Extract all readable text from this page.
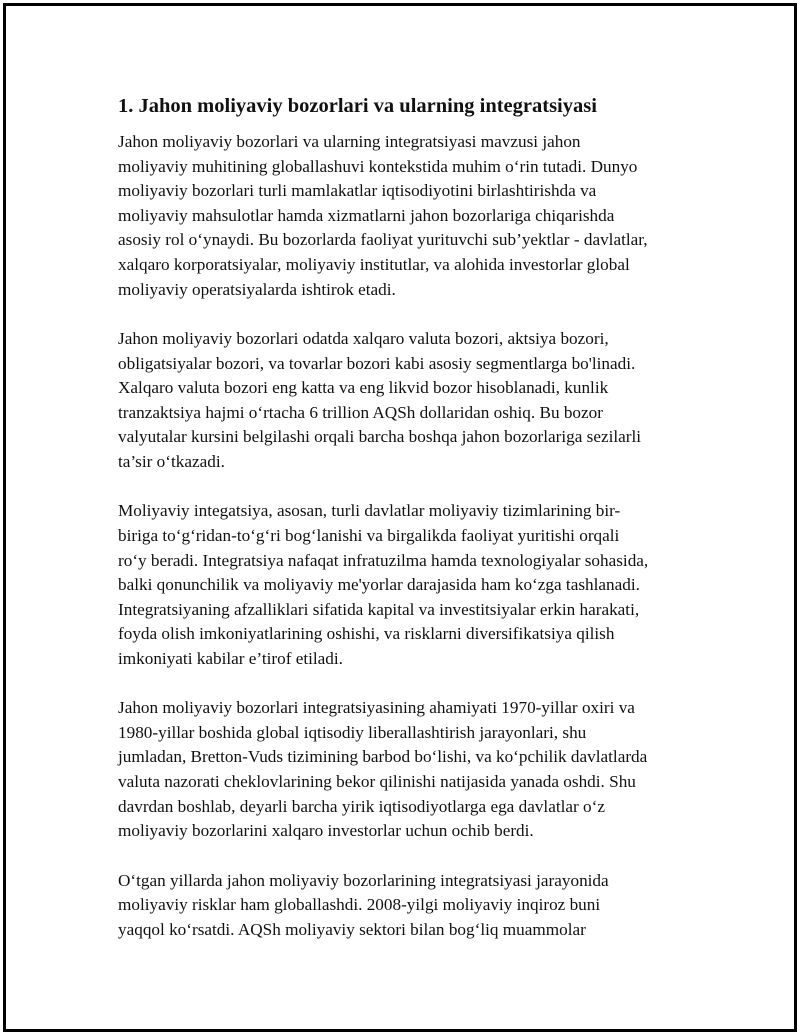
1. Jahon moliyaviy bozorlari va ularning integratsiyasi
Jahon moliyaviy bozorlari va ularning integratsiyasi mavzusi jahon
moliyaviy muhitining globallashuvi kontekstida muhim o‘rin tutadi. Dunyo
moliyaviy bozorlari turli mamlakatlar iqtisodiyotini birlashtirishda va
moliyaviy mahsulotlar hamda xizmatlarni jahon bozorlariga chiqarishda
asosiy rol o‘ynaydi. Bu bozorlarda faoliyat yurituvchi sub’yektlar - davlatlar,
xalqaro korporatsiyalar, moliyaviy institutlar, va alohida investorlar global
moliyaviy operatsiyalarda ishtirok etadi.
Jahon moliyaviy bozorlari odatda xalqaro valuta bozori, aktsiya bozori,
obligatsiyalar bozori, va tovarlar bozori kabi asosiy segmentlarga bo'linadi.
Xalqaro valuta bozori eng katta va eng likvid bozor hisoblanadi, kunlik
tranzaktsiya hajmi o‘rtacha 6 trillion AQSh dollaridan oshiq. Bu bozor
valyutalar kursini belgilashi orqali barcha boshqa jahon bozorlariga sezilarli
ta’sir o‘tkazadi.
Moliyaviy integatsiya, asosan, turli davlatlar moliyaviy tizimlarining bir-
biriga to‘g‘ridan-to‘g‘ri bog‘lanishi va birgalikda faoliyat yuritishi orqali
ro‘y beradi. Integratsiya nafaqat infratuzilma hamda texnologiyalar sohasida,
balki qonunchilik va moliyaviy me'yorlar darajasida ham ko‘zga tashlanadi.
Integratsiyaning afzalliklari sifatida kapital va investitsiyalar erkin harakati,
foyda olish imkoniyatlarining oshishi, va risklarni diversifikatsiya qilish
imkoniyati kabilar e’tirof etiladi.
Jahon moliyaviy bozorlari integratsiyasining ahamiyati 1970-yillar oxiri va
1980-yillar boshida global iqtisodiy liberallashtirish jarayonlari, shu
jumladan, Bretton-Vuds tizimining barbod bo‘lishi, va ko‘pchilik davlatlarda
valuta nazorati cheklovlarining bekor qilinishi natijasida yanada oshdi. Shu
davrdan boshlab, deyarli barcha yirik iqtisodiyotlarga ega davlatlar o‘z
moliyaviy bozorlarini xalqaro investorlar uchun ochib berdi.
O‘tgan yillarda jahon moliyaviy bozorlarining integratsiyasi jarayonida
moliyaviy risklar ham globallashdi. 2008-yilgi moliyaviy inqiroz buni
yaqqol ko‘rsatdi. AQSh moliyaviy sektori bilan bog‘liq muammolar
